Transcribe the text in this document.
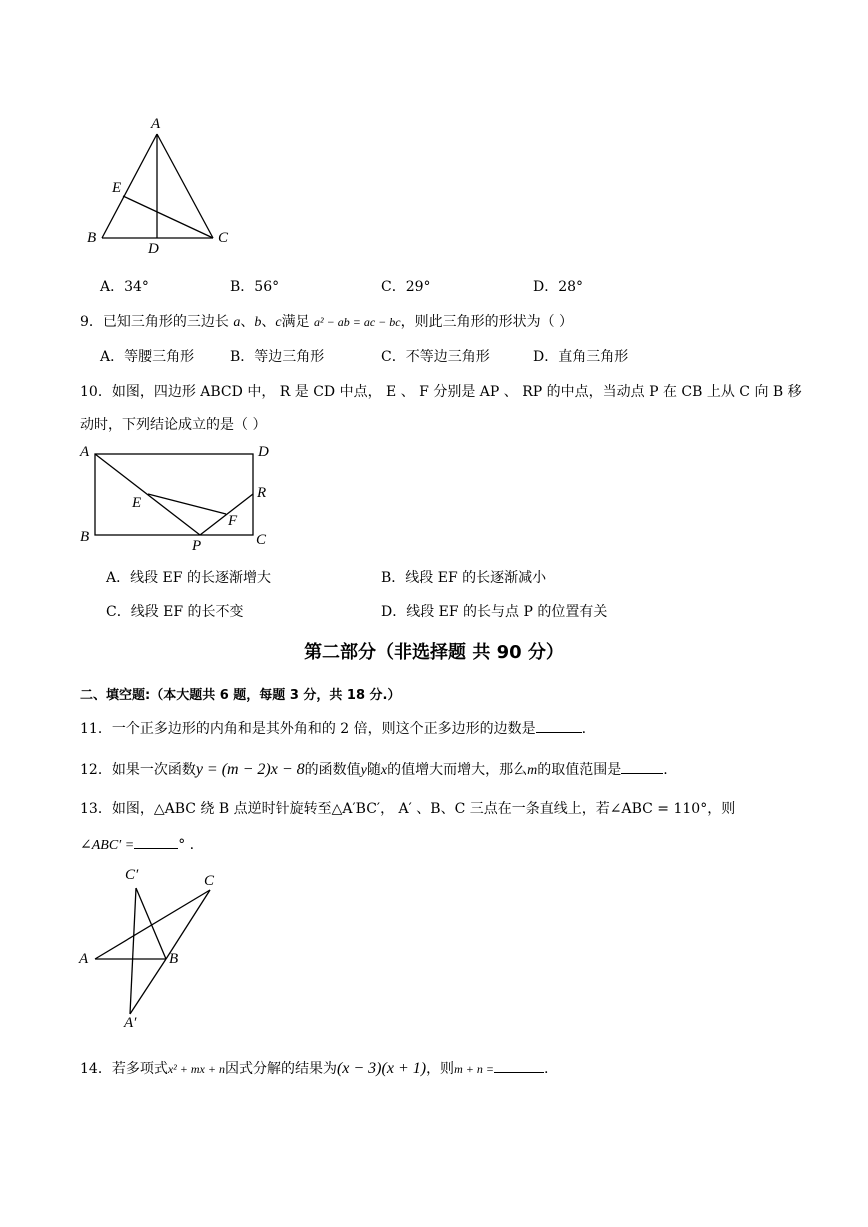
A
E
B
D
C
A．34°	B．56°	C．29°	D．28°
9．已知三角形的三边长 a、b、c满足 a² − ab = ac − bc，则此三角形的形状为（ ）
A．等腰三角形	B．等边三角形	C．不等边三角形	D．直角三角形
10．如图，四边形 ABCD 中， R 是 CD 中点， E 、 F 分别是 AP 、 RP 的中点，当动点 P 在 CB 上从 C 向 B 移
动时，下列结论成立的是（ ）
A	D
R
E
F
B
P	C
A．线段 EF 的长逐渐增大	B．线段 EF 的长逐渐减小
C．线段 EF 的长不变	D．线段 EF 的长与点 P 的位置有关
第二部分（非选择题 共 90 分）
二、填空题:（本大题共 6 题，每题 3 分，共 18 分.）
11．一个正多边形的内角和是其外角和的 2 倍，则这个正多边形的边数是	.
12．如果一次函数y = (m − 2)x − 8的函数值y随x的值增大而增大，那么m的取值范围是	.
13．如图，△ABC 绕 B 点逆时针旋转至△A′BC′， A′ 、B、C 三点在一条直线上，若∠ABC = 110°，则
∠ABC′ =	° .
C′	C
A	B
A′
14．若多项式x² + mx + n因式分解的结果为(x − 3)(x + 1)，则m + n =	.
